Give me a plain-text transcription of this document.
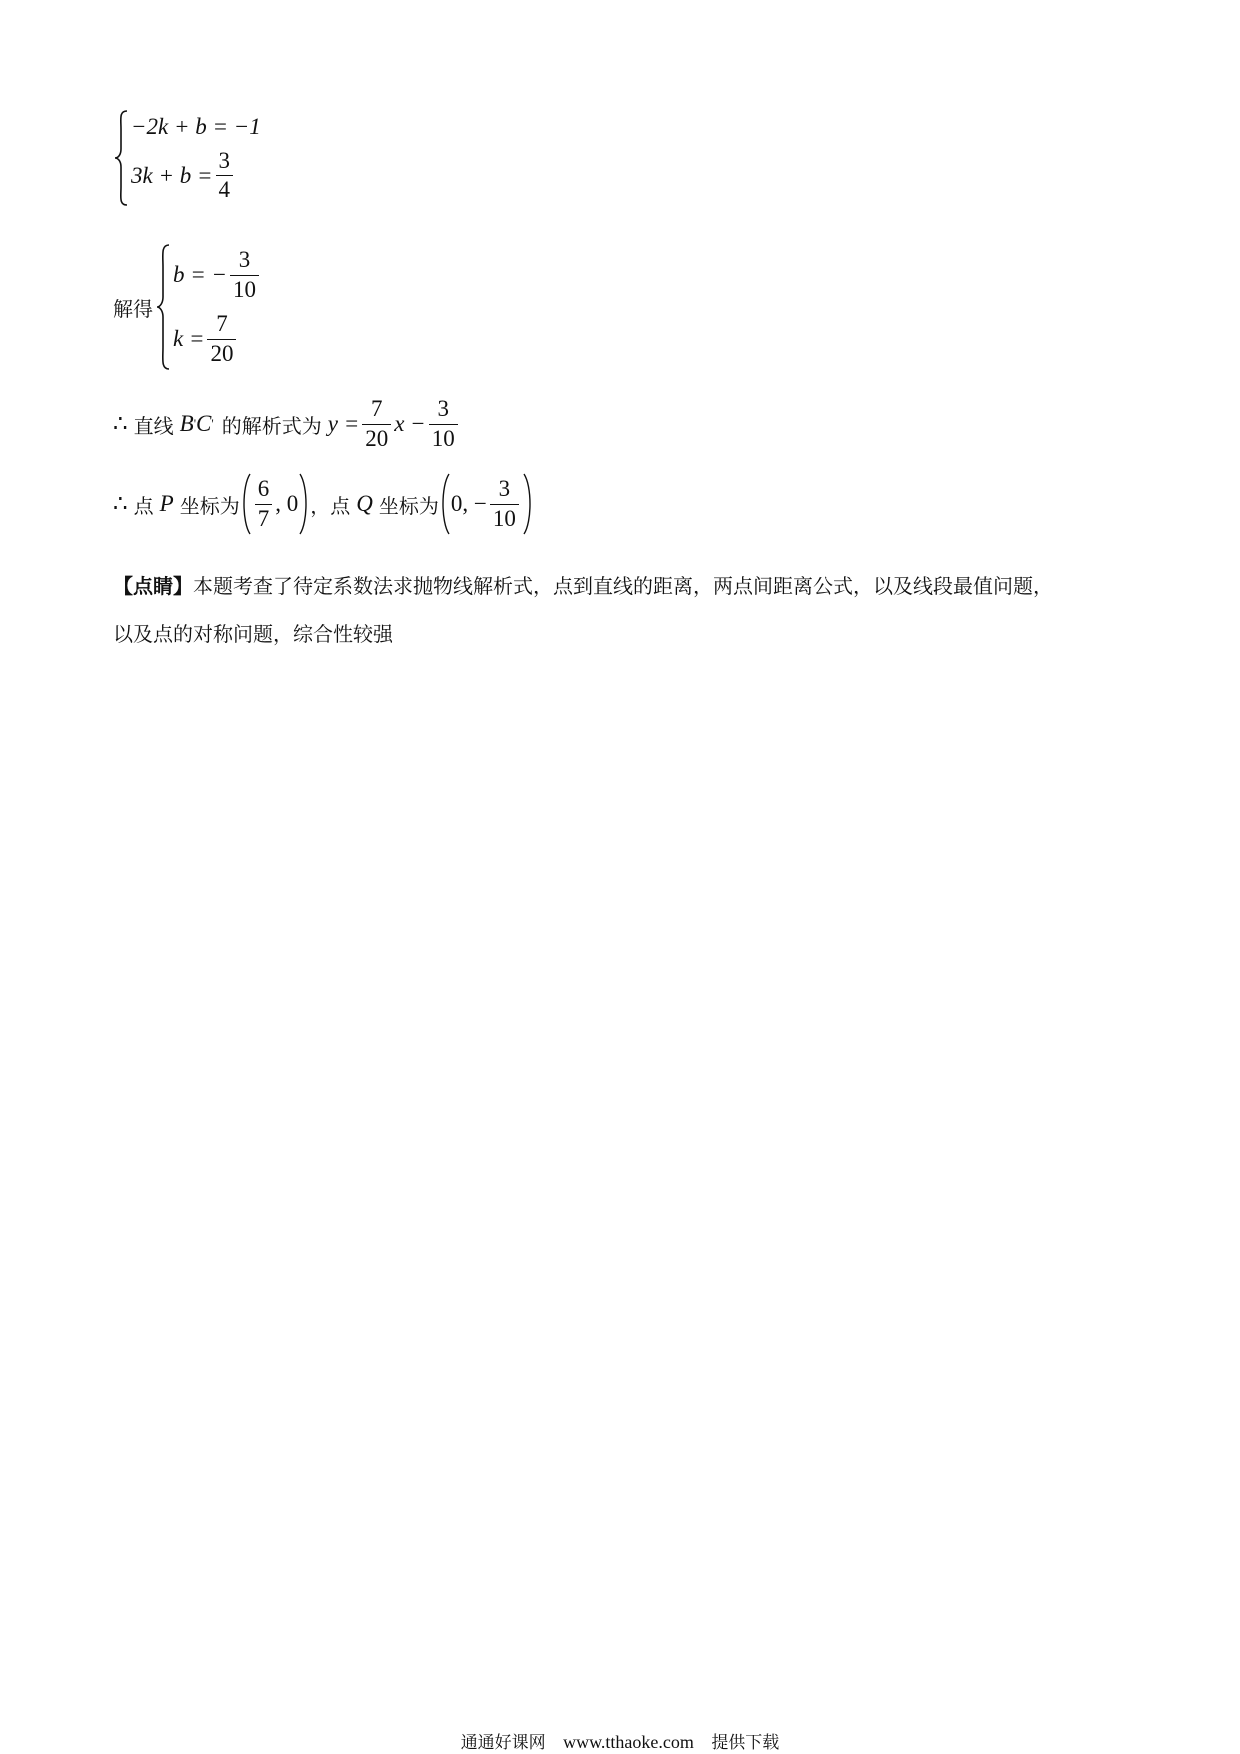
−2k + b = −1
$3k + b = \frac{3}{4}$
解得
b = − $\frac{3}{10}$
$k = \frac{7}{20}$
∴ 直线 B ' C ' 的解析式为 $y = \frac{7}{20}$ $x - \frac{3}{10}$
∴ 点 P 坐标为 $\frac{6}{7}$ , 0 ，点 Q 坐标为 0, − $\frac{3}{10}$
【点睛】本题考查了待定系数法求抛物线解析式，点到直线的距离，两点间距离公式，以及线段最值问题，
以及点的对称问题，综合性较强
通通好课网 www.tthaoke.com 提供下载
